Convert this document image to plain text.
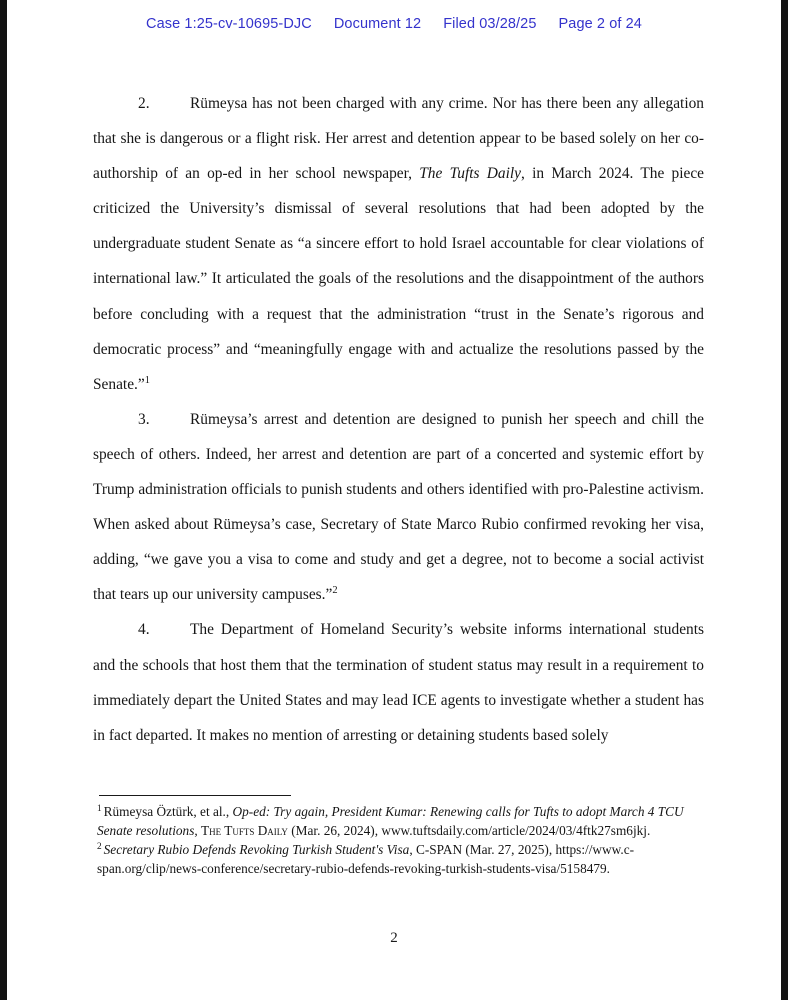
Case 1:25-cv-10695-DJC Document 12 Filed 03/28/25 Page 2 of 24

2.	Rümeysa has not been charged with any crime. Nor has there been any allegation that she is dangerous or a flight risk. Her arrest and detention appear to be based solely on her co-authorship of an op-ed in her school newspaper, The Tufts Daily, in March 2024. The piece criticized the University’s dismissal of several resolutions that had been adopted by the undergraduate student Senate as “a sincere effort to hold Israel accountable for clear violations of international law.” It articulated the goals of the resolutions and the disappointment of the authors before concluding with a request that the administration “trust in the Senate’s rigorous and democratic process” and “meaningfully engage with and actualize the resolutions passed by the Senate.”$^1$

3.	Rümeysa’s arrest and detention are designed to punish her speech and chill the speech of others. Indeed, her arrest and detention are part of a concerted and systemic effort by Trump administration officials to punish students and others identified with pro-Palestine activism. When asked about Rümeysa’s case, Secretary of State Marco Rubio confirmed revoking her visa, adding, “we gave you a visa to come and study and get a degree, not to become a social activist that tears up our university campuses.”$^2$

4.	The Department of Homeland Security’s website informs international students and the schools that host them that the termination of student status may result in a requirement to immediately depart the United States and may lead ICE agents to investigate whether a student has in fact departed. It makes no mention of arresting or detaining students based solely

$^1$ Rümeysa Öztürk, et al., Op-ed: Try again, President Kumar: Renewing calls for Tufts to adopt March 4 TCU Senate resolutions, The Tufts Daily (Mar. 26, 2024), www.tuftsdaily.com/article/2024/03/4ftk27sm6jkj.

$^2$ Secretary Rubio Defends Revoking Turkish Student's Visa, C-SPAN (Mar. 27, 2025), https://www.c-span.org/clip/news-conference/secretary-rubio-defends-revoking-turkish-students-visa/5158479.

2
